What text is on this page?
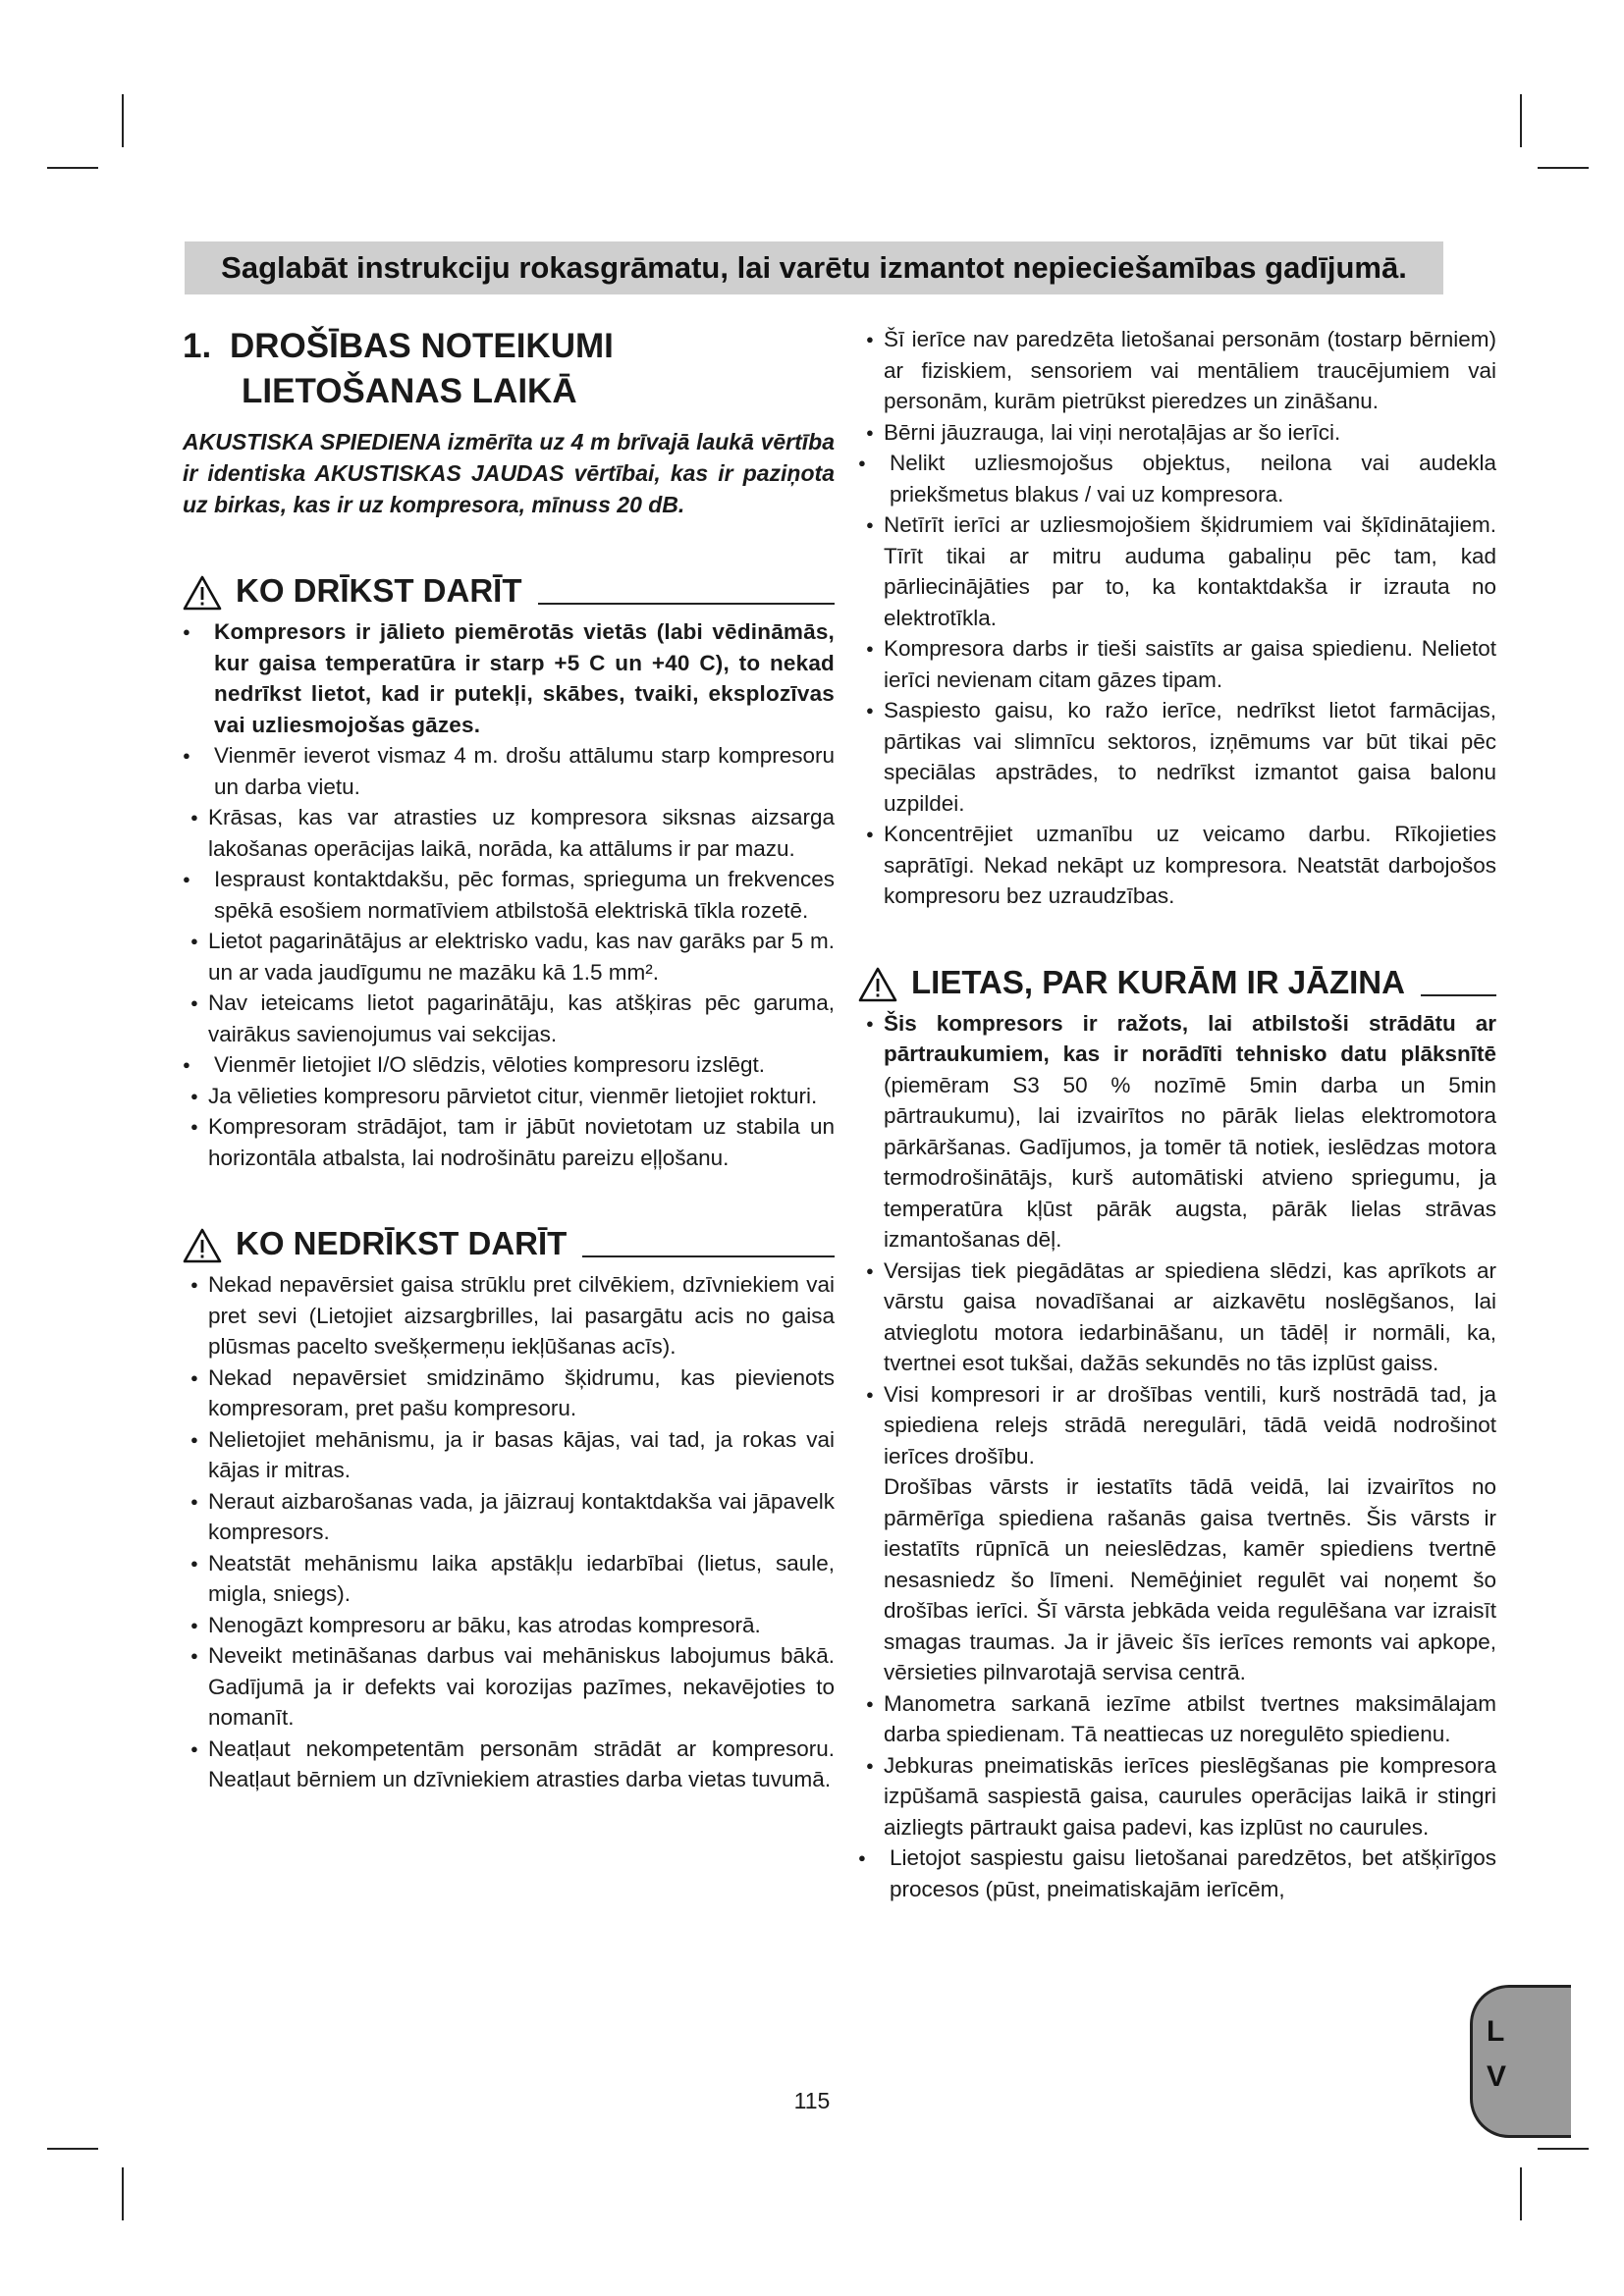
Saglabāt instrukciju rokasgrāmatu, lai varētu izmantot nepieciešamības gadījumā.
1. DROŠĪBAS NOTEIKUMI
LIETOŠANAS LAIKĀ

AKUSTISKA SPIEDIENA izmērīta uz 4 m brīvajā laukā vērtība ir identiska AKUSTISKAS JAUDAS vērtībai, kas ir paziņota uz birkas, kas ir uz kompresora, mīnuss 20 dB.

KO DRĪKST DARĪT
● Kompresors ir jālieto piemērotās vietās (labi vēdināmās, kur gaisa temperatūra ir starp +5 C un +40 C), to nekad nedrīkst lietot, kad ir putekļi, skābes, tvaiki, eksplozīvas vai uzliesmojošas gāzes.
● Vienmēr ieverot vismaz 4 m. drošu attālumu starp kompresoru un darba vietu.
● Krāsas, kas var atrasties uz kompresora siksnas aizsarga lakošanas operācijas laikā, norāda, ka attālums ir par mazu.
● Iespraust kontaktdakšu, pēc formas, sprieguma un frekvences spēkā esošiem normatīviem atbilstošā elektriskā tīkla rozetē.
● Lietot pagarinātājus ar elektrisko vadu, kas nav garāks par 5 m. un ar vada jaudīgumu ne mazāku kā 1.5 mm².
● Nav ieteicams lietot pagarinātāju, kas atšķiras pēc garuma, vairākus savienojumus vai sekcijas.
● Vienmēr lietojiet I/O slēdzis, vēloties kompresoru izslēgt.
● Ja vēlieties kompresoru pārvietot citur, vienmēr lietojiet rokturi.
● Kompresoram strādājot, tam ir jābūt novietotam uz stabila un horizontāla atbalsta, lai nodrošinātu pareizu eļļošanu.
KO NEDRĪKST DARĪT
● Nekad nepavērsiet gaisa strūklu pret cilvēkiem, dzīvniekiem vai pret sevi (Lietojiet aizsargbrilles, lai pasargātu acis no gaisa plūsmas pacelto svešķermeņu iekļūšanas acīs).
● Nekad nepavērsiet smidzināmo šķidrumu, kas pievienots kompresoram, pret pašu kompresoru.
● Nelietojiet mehānismu, ja ir basas kājas, vai tad, ja rokas vai kājas ir mitras.
● Neraut aizbarošanas vada, ja jāizrauj kontaktdakša vai jāpavelk kompresors.
● Neatstāt mehānismu laika apstākļu iedarbībai (lietus, saule, migla, sniegs).
● Nenogāzt kompresoru ar bāku, kas atrodas kompresorā.
● Neveikt metināšanas darbus vai mehāniskus labojumus bākā. Gadījumā ja ir defekts vai korozijas pazīmes, nekavējoties to nomanīt.
● Neatļaut nekompetentām personām strādāt ar kompresoru. Neatļaut bērniem un dzīvniekiem atrasties darba vietas tuvumā.
● Šī ierīce nav paredzēta lietošanai personām (tostarp bērniem) ar fiziskiem, sensoriem vai mentāliem traucējumiem vai personām, kurām pietrūkst pieredzes un zināšanu.
● Bērni jāuzrauga, lai viņi nerotaļājas ar šo ierīci.
● Nelikt uzliesmojošus objektus, neilona vai audekla priekšmetus blakus / vai uz kompresora.
● Netīrīt ierīci ar uzliesmojošiem šķidrumiem vai šķīdinātajiem. Tīrīt tikai ar mitru auduma gabaliņu pēc tam, kad pārliecinājāties par to, ka kontaktdakša ir izrauta no elektrotīkla.
● Kompresora darbs ir tieši saistīts ar gaisa spiedienu. Nelietot ierīci nevienam citam gāzes tipam.
● Saspiesto gaisu, ko ražo ierīce, nedrīkst lietot farmācijas, pārtikas vai slimnīcu sektoros, izņēmums var būt tikai pēc speciālas apstrādes, to nedrīkst izmantot gaisa balonu uzpildei.
● Koncentrējiet uzmanību uz veicamo darbu. Rīkojieties saprātīgi. Nekad nekāpt uz kompresora. Neatstāt darbojošos kompresoru bez uzraudzības.
LIETAS, PAR KURĀM IR JĀZINA
● Šis kompresors ir ražots, lai atbilstoši strādātu ar pārtraukumiem, kas ir norādīti tehnisko datu plāksnītē (piemēram S3 50 % nozīmē 5min darba un 5min pārtraukumu), lai izvairītos no pārāk lielas elektromotora pārkāršanas. Gadījumos, ja tomēr tā notiek, ieslēdzas motora termodrošinātājs, kurš automātiski atvieno spriegumu, ja temperatūra kļūst pārāk augsta, pārāk lielas strāvas izmantošanas dēļ.
● Versijas tiek piegādātas ar spiediena slēdzi, kas aprīkots ar vārstu gaisa novadīšanai ar aizkavētu noslēgšanos, lai atvieglotu motora iedarbināšanu, un tādēļ ir normāli, ka, tvertnei esot tukšai, dažās sekundēs no tās izplūst gaiss.
● Visi kompresori ir ar drošības ventili, kurš nostrādā tad, ja spiediena relejs strādā neregulāri, tādā veidā nodrošinot ierīces drošību.
Drošības vārsts ir iestatīts tādā veidā, lai izvairītos no pārmērīga spiediena rašanās gaisa tvertnēs. Šis vārsts ir iestatīts rūpnīcā un neieslēdzas, kamēr spiediens tvertnē nesasniedz šo līmeni. Nemēģiniet regulēt vai noņemt šo drošības ierīci. Šī vārsta jebkāda veida regulēšana var izraisīt smagas traumas. Ja ir jāveic šīs ierīces remonts vai apkope, vērsieties pilnvarotajā servisa centrā.
● Manometra sarkanā iezīme atbilst tvertnes maksimālajam darba spiedienam. Tā neattiecas uz noregulēto spiedienu.
● Jebkuras pneimatiskās ierīces pieslēgšanas pie kompresora izpūšamā saspiestā gaisa, caurules operācijas laikā ir stingri aizliegts pārtraukt gaisa padevi, kas izplūst no caurules.
● Lietojot saspiestu gaisu lietošanai paredzētos, bet atšķirīgos procesos (pūst, pneimatiskajām ierīcēm,
115
L
V
